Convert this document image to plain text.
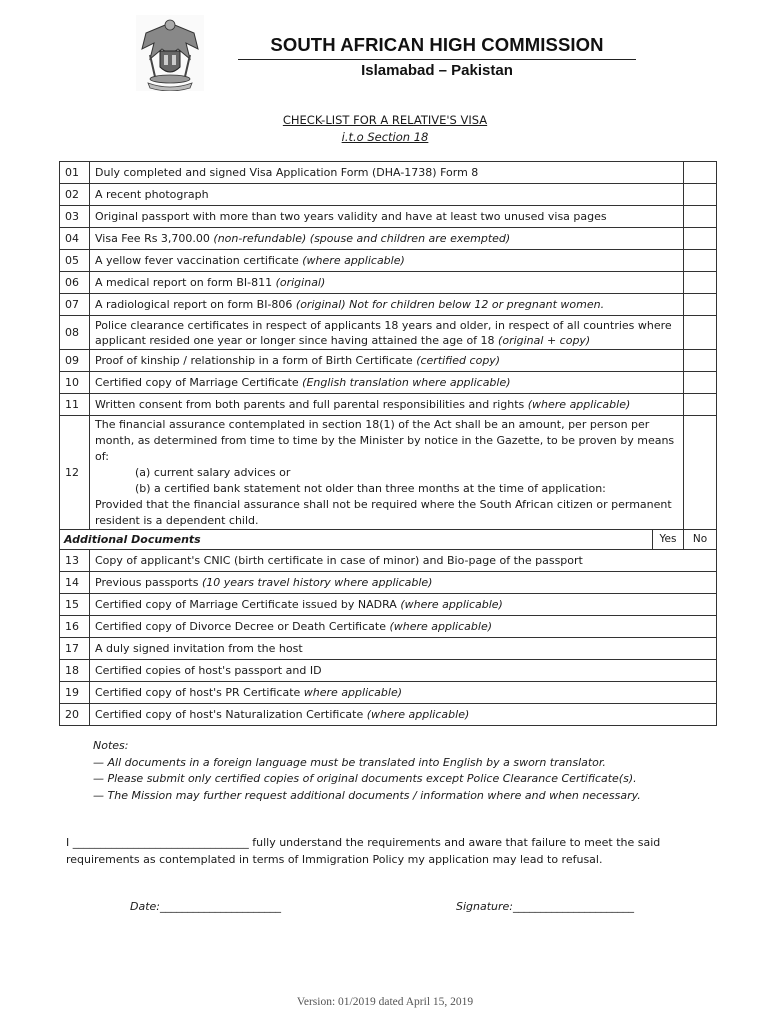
SOUTH AFRICAN HIGH COMMISSION
Islamabad – Pakistan
CHECK-LIST FOR A RELATIVE'S VISA
i.t.o Section 18
01	Duly completed and signed Visa Application Form (DHA-1738) Form 8		
02	A recent photograph		
03	Original passport with more than two years validity and have at least two unused visa pages		
04	Visa Fee Rs 3,700.00 (non-refundable) (spouse and children are exempted)		
05	A yellow fever vaccination certificate (where applicable)		
06	A medical report on form BI-811 (original)		
07	A radiological report on form BI-806 (original) Not for children below 12 or pregnant women.		
08	Police clearance certificates in respect of applicants 18 years and older, in respect of all countries where applicant resided one year or longer since having attained the age of 18 (original + copy)		
09	Proof of kinship / relationship in a form of Birth Certificate (certified copy)		
10	Certified copy of Marriage Certificate (English translation where applicable)		
11	Written consent from both parents and full parental responsibilities and rights (where applicable)		
12	The financial assurance contemplated in section 18(1) of the Act shall be an amount, per person per month, as determined from time to time by the Minister by notice in the Gazette, to be proven by means of:
(a) current salary advices or
(b) a certified bank statement not older than three months at the time of application:
Provided that the financial assurance shall not be required where the South African citizen or permanent resident is a dependent child.		
Additional Documents		Yes	No
13	Copy of applicant's CNIC (birth certificate in case of minor) and Bio-page of the passport		
14	Previous passports (10 years travel history where applicable)		
15	Certified copy of Marriage Certificate issued by NADRA (where applicable)		
16	Certified copy of Divorce Decree or Death Certificate (where applicable)		
17	A duly signed invitation from the host		
18	Certified copies of host's passport and ID		
19	Certified copy of host's PR Certificate where applicable)		
20	Certified copy of host's Naturalization Certificate (where applicable)		
Notes:
— All documents in a foreign language must be translated into English by a sworn translator.
— Please submit only certified copies of original documents except Police Clearance Certificate(s).
— The Mission may further request additional documents / information where and when necessary.
I ________________________________ fully understand the requirements and aware that failure to meet the said requirements as contemplated in terms of Immigration Policy my application may lead to refusal.
Date:______________________	Signature:______________________
Version: 01/2019 dated April 15, 2019
